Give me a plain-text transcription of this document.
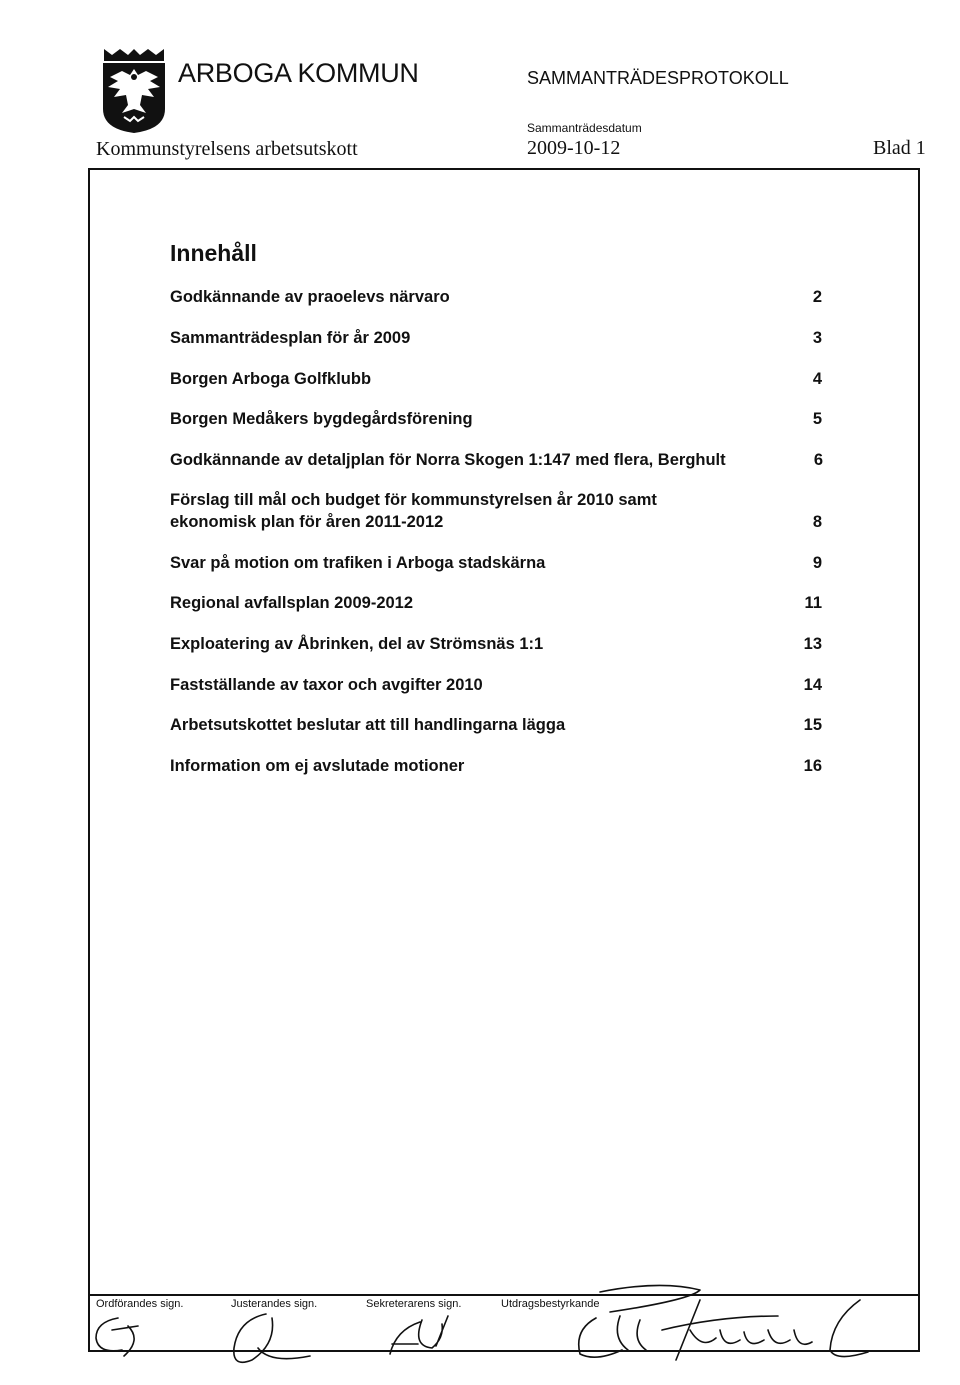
ARBOGA KOMMUN	SAMMANTRÄDESPROTOKOLL
Sammanträdesdatum
Kommunstyrelsens arbetsutskott	2009-10-12	Blad 1
Innehåll
Godkännande av praoelevs närvaro	2
Sammanträdesplan för år 2009	3
Borgen Arboga Golfklubb	4
Borgen Medåkers bygdegårdsförening	5
Godkännande av detaljplan för Norra Skogen 1:147 med flera, Berghult	6
Förslag till mål och budget för kommunstyrelsen år 2010 samt ekonomisk plan för åren 2011-2012	8
Svar på motion om trafiken i Arboga stadskärna	9
Regional avfallsplan 2009-2012	11
Exploatering av Åbrinken, del av Strömsnäs 1:1	13
Fastställande av taxor och avgifter 2010	14
Arbetsutskottet beslutar att till handlingarna lägga	15
Information om ej avslutade motioner	16
Ordförandes sign.	Justerandes sign.	Sekreterarens sign.	Utdragsbestyrkande
